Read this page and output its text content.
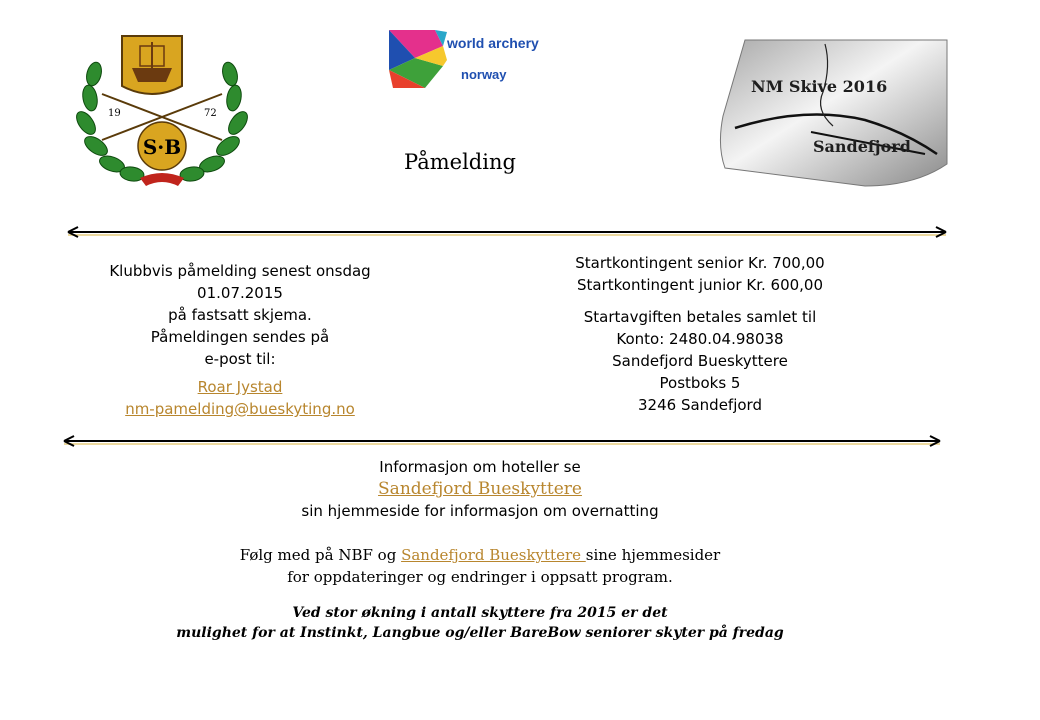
19	72
S·B
world archery
norway
NM Skive 2016
Sandefjord
Påmelding
Klubbvis påmelding senest onsdag
01.07.2015
på fastsatt skjema.
Påmeldingen sendes på
e-post til:
Roar Jystad
nm-pamelding@bueskyting.no
Startkontingent senior Kr. 700,00
Startkontingent junior Kr. 600,00
Startavgiften betales samlet til
Konto: 2480.04.98038
Sandefjord Bueskyttere
Postboks 5
3246 Sandefjord
Informasjon om hoteller se
Sandefjord Bueskyttere
sin hjemmeside for informasjon om overnatting
Følg med på NBF og Sandefjord Bueskyttere sine hjemmesider
for oppdateringer og endringer i oppsatt program.
Ved stor økning i antall skyttere fra 2015 er det
mulighet for at Instinkt, Langbue og/eller BareBow seniorer skyter på fredag
